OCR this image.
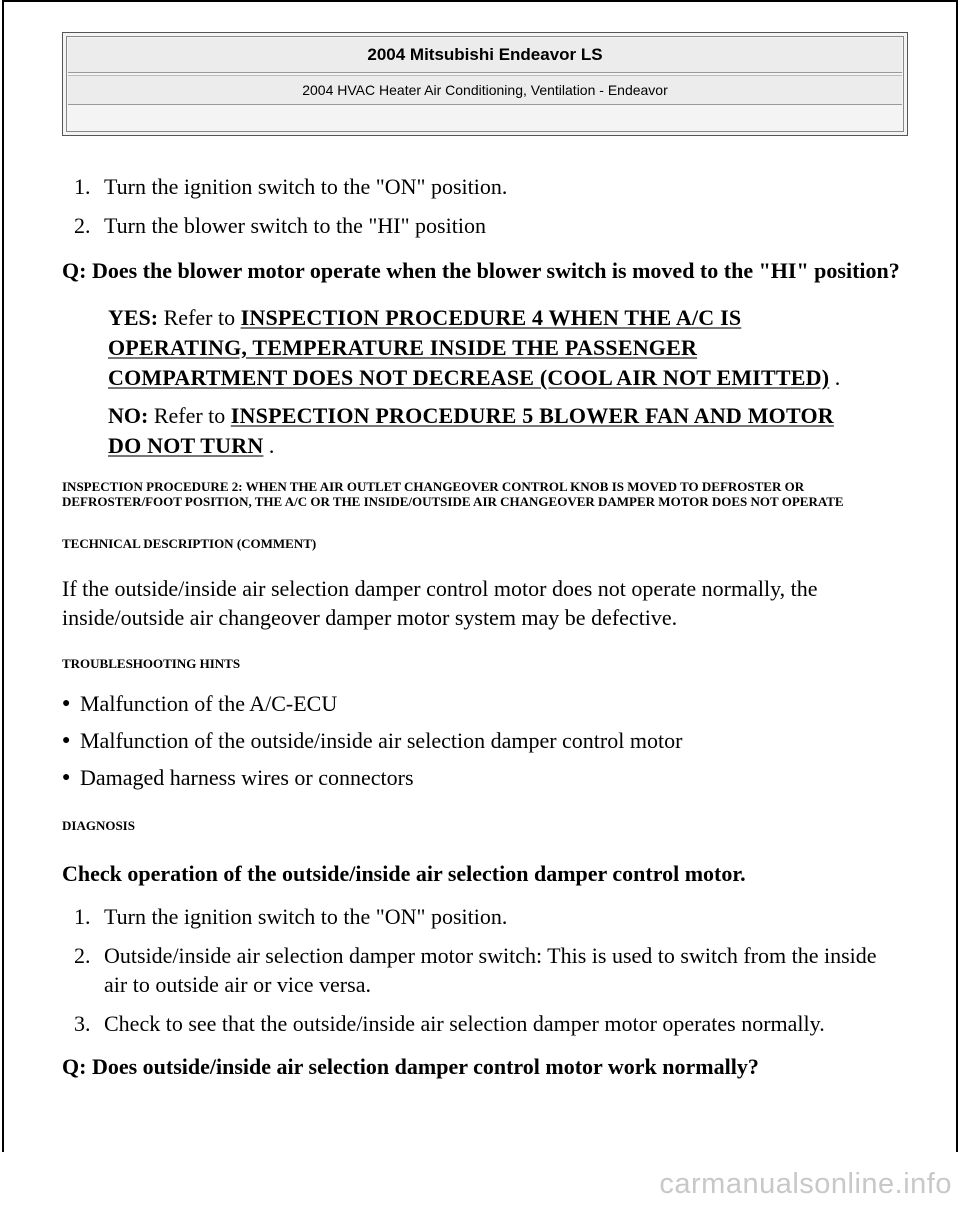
2004 Mitsubishi Endeavor LS
2004 HVAC Heater Air Conditioning, Ventilation - Endeavor
1. Turn the ignition switch to the "ON" position.
2. Turn the blower switch to the "HI" position
Q: Does the blower motor operate when the blower switch is moved to the "HI" position?
YES: Refer to INSPECTION PROCEDURE 4 WHEN THE A/C IS OPERATING, TEMPERATURE INSIDE THE PASSENGER COMPARTMENT DOES NOT DECREASE (COOL AIR NOT EMITTED) .
NO: Refer to INSPECTION PROCEDURE 5 BLOWER FAN AND MOTOR DO NOT TURN .
INSPECTION PROCEDURE 2: WHEN THE AIR OUTLET CHANGEOVER CONTROL KNOB IS MOVED TO DEFROSTER OR DEFROSTER/FOOT POSITION, THE A/C OR THE INSIDE/OUTSIDE AIR CHANGEOVER DAMPER MOTOR DOES NOT OPERATE
TECHNICAL DESCRIPTION (COMMENT)
If the outside/inside air selection damper control motor does not operate normally, the inside/outside air changeover damper motor system may be defective.
TROUBLESHOOTING HINTS
● Malfunction of the A/C-ECU
● Malfunction of the outside/inside air selection damper control motor
● Damaged harness wires or connectors
DIAGNOSIS
Check operation of the outside/inside air selection damper control motor.
1. Turn the ignition switch to the "ON" position.
2. Outside/inside air selection damper motor switch: This is used to switch from the inside air to outside air or vice versa.
3. Check to see that the outside/inside air selection damper motor operates normally.
Q: Does outside/inside air selection damper control motor work normally?
carmanualsonline.info
